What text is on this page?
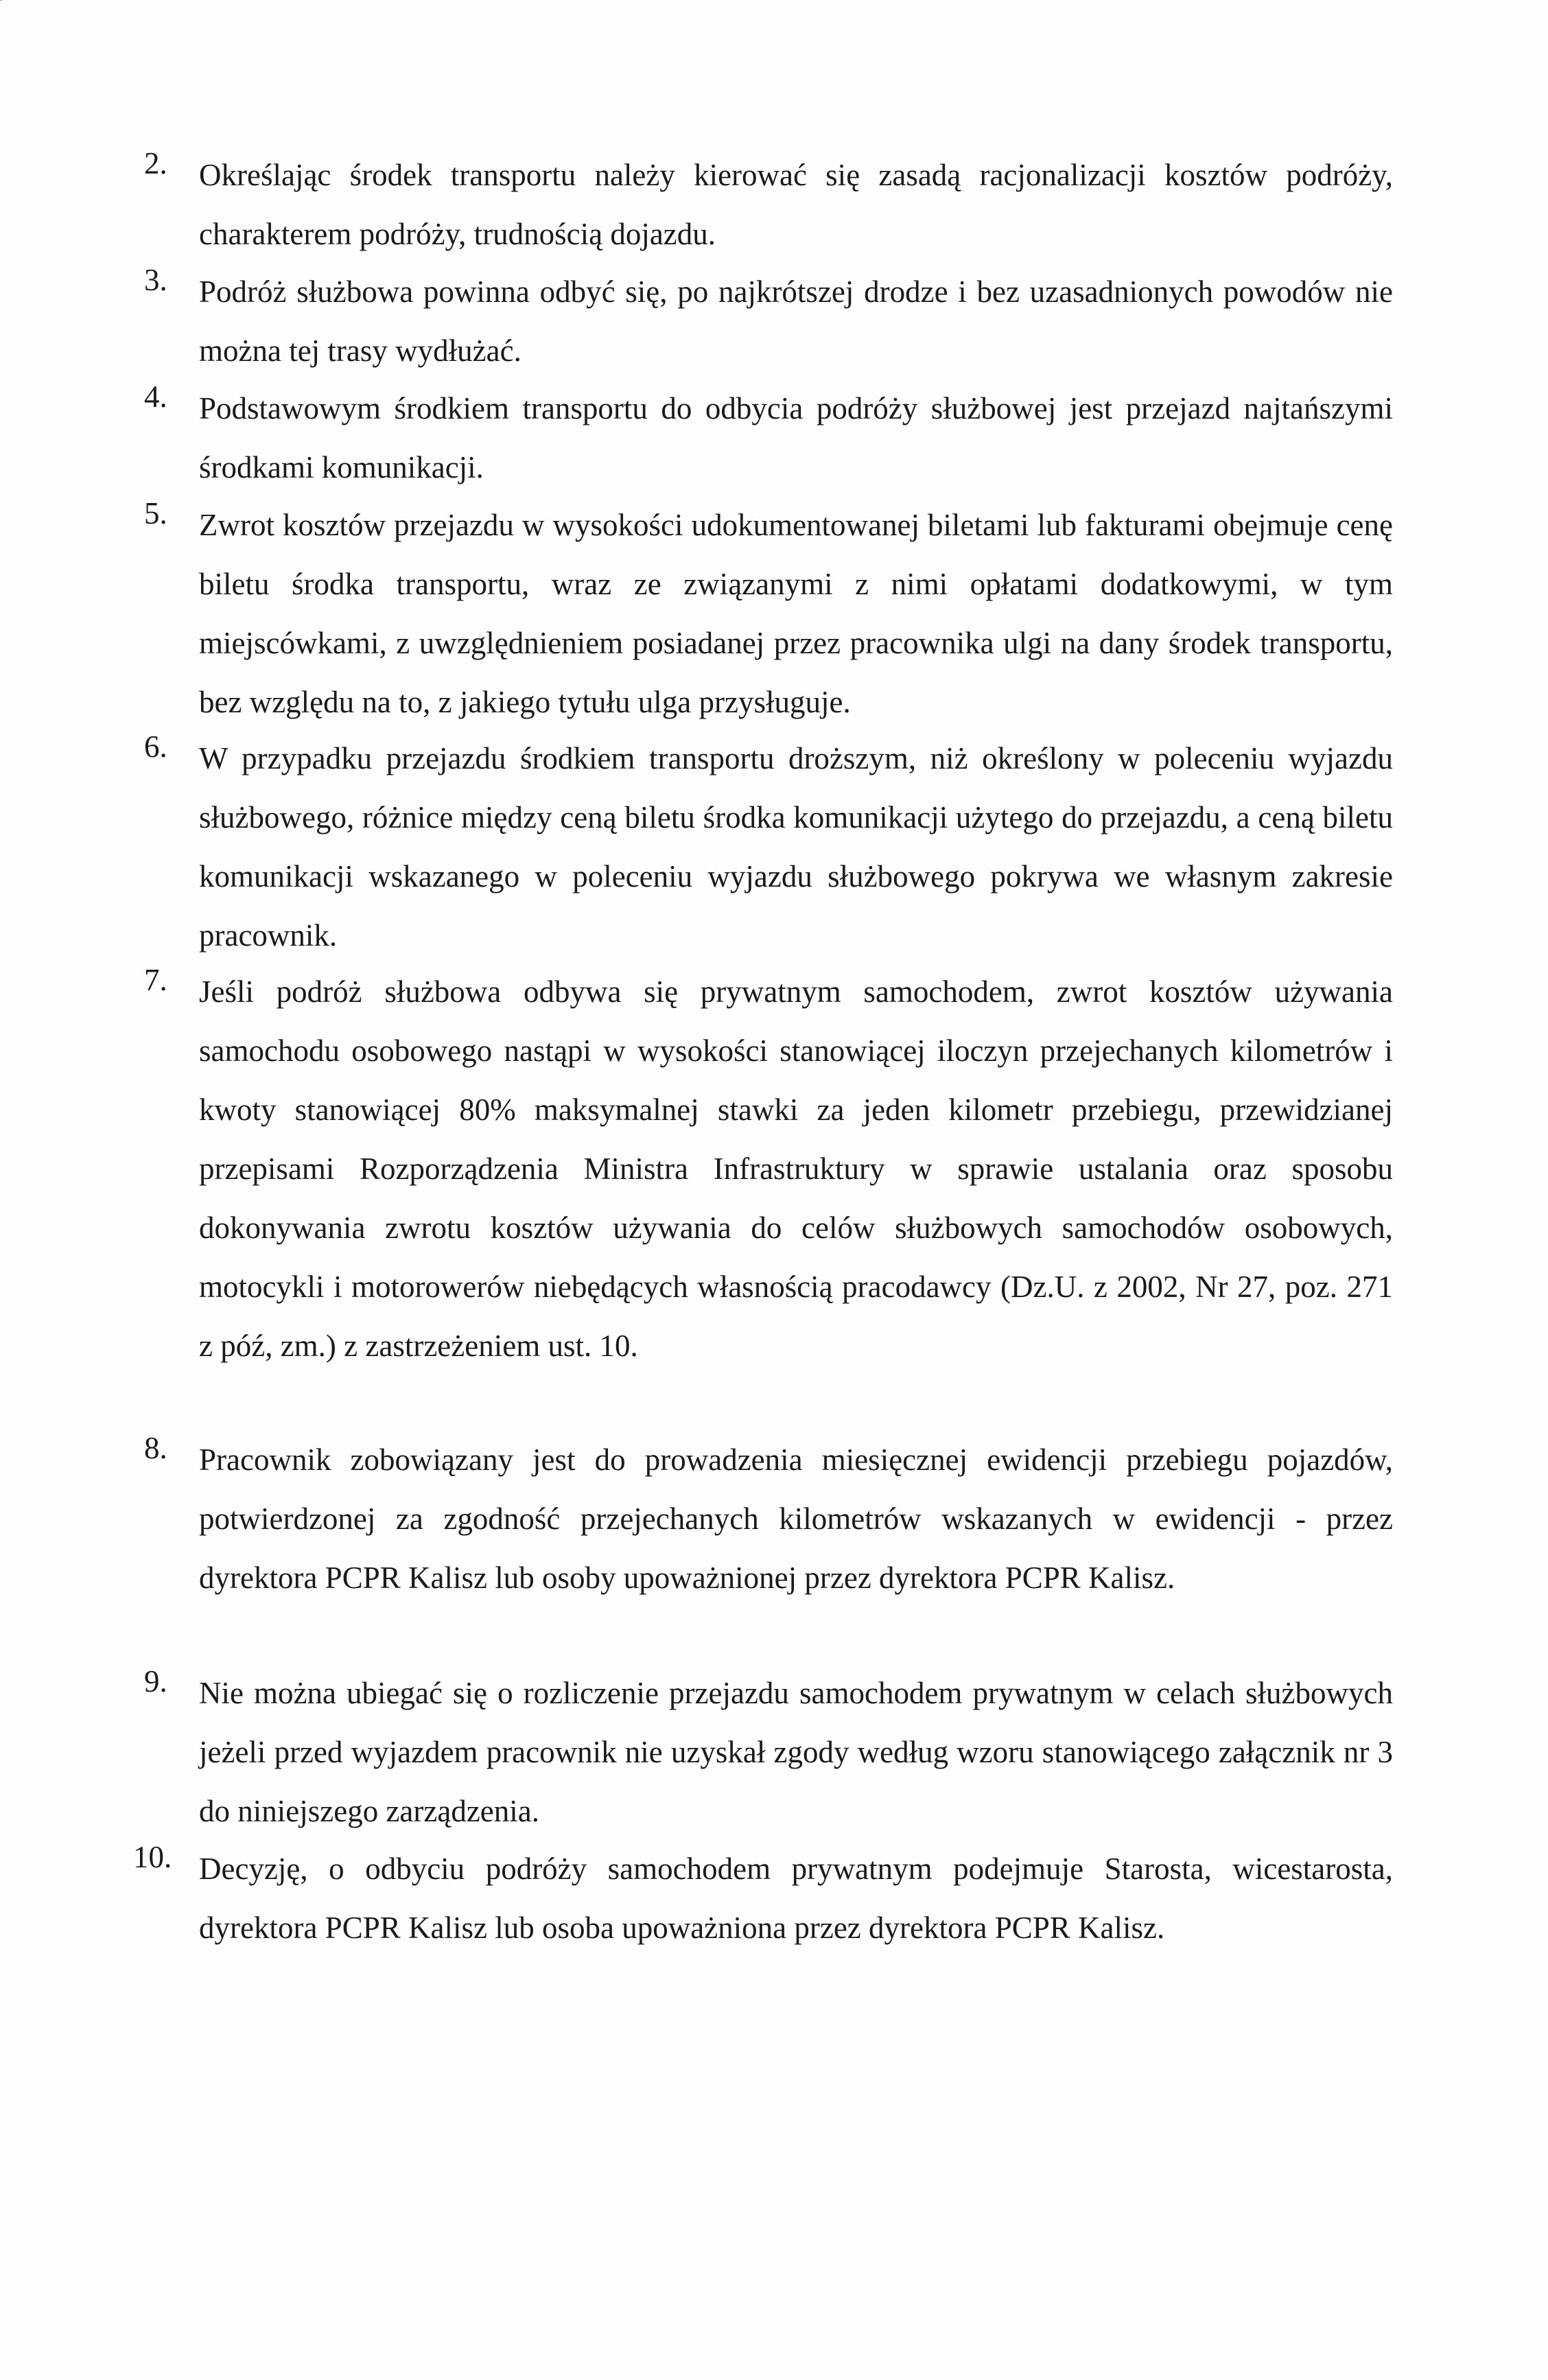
2.	Określając środek transportu należy kierować się zasadą racjonalizacji kosztów podróży, charakterem podróży, trudnością dojazdu.
3.	Podróż służbowa powinna odbyć się, po najkrótszej drodze i bez uzasadnionych powodów nie można tej trasy wydłużać.
4.	Podstawowym środkiem transportu do odbycia podróży służbowej jest przejazd najtańszymi środkami komunikacji.
5.	Zwrot kosztów przejazdu w wysokości udokumentowanej biletami lub fakturami obejmuje cenę biletu środka transportu, wraz ze związanymi z nimi opłatami dodatkowymi, w tym miejscówkami, z uwzględnieniem posiadanej przez pracownika ulgi na dany środek transportu, bez względu na to, z jakiego tytułu ulga przysługuje.
6.	W przypadku przejazdu środkiem transportu droższym, niż określony w poleceniu wyjazdu służbowego, różnice między ceną biletu środka komunikacji użytego do przejazdu, a ceną biletu komunikacji wskazanego w poleceniu wyjazdu służbowego pokrywa we własnym zakresie pracownik.
7.	Jeśli podróż służbowa odbywa się prywatnym samochodem, zwrot kosztów używania samochodu osobowego nastąpi w wysokości stanowiącej iloczyn przejechanych kilometrów i kwoty stanowiącej 80% maksymalnej stawki za jeden kilometr przebiegu, przewidzianej przepisami Rozporządzenia Ministra Infrastruktury w sprawie ustalania oraz sposobu dokonywania zwrotu kosztów używania do celów służbowych samochodów osobowych, motocykli i motorowerów niebędących własnością pracodawcy (Dz.U. z 2002, Nr 27, poz. 271 z póź, zm.) z zastrzeżeniem ust. 10.
8.	Pracownik zobowiązany jest do prowadzenia miesięcznej ewidencji przebiegu pojazdów, potwierdzonej za zgodność przejechanych kilometrów wskazanych w ewidencji - przez dyrektora PCPR Kalisz lub osoby upoważnionej przez dyrektora PCPR Kalisz.
9.	Nie można ubiegać się o rozliczenie przejazdu samochodem prywatnym w celach służbowych jeżeli przed wyjazdem pracownik nie uzyskał zgody według wzoru stanowiącego załącznik nr 3 do niniejszego zarządzenia.
10. Decyzję, o odbyciu podróży samochodem prywatnym podejmuje Starosta, wicestarosta, dyrektora PCPR Kalisz lub osoba upoważniona przez dyrektora PCPR Kalisz.
